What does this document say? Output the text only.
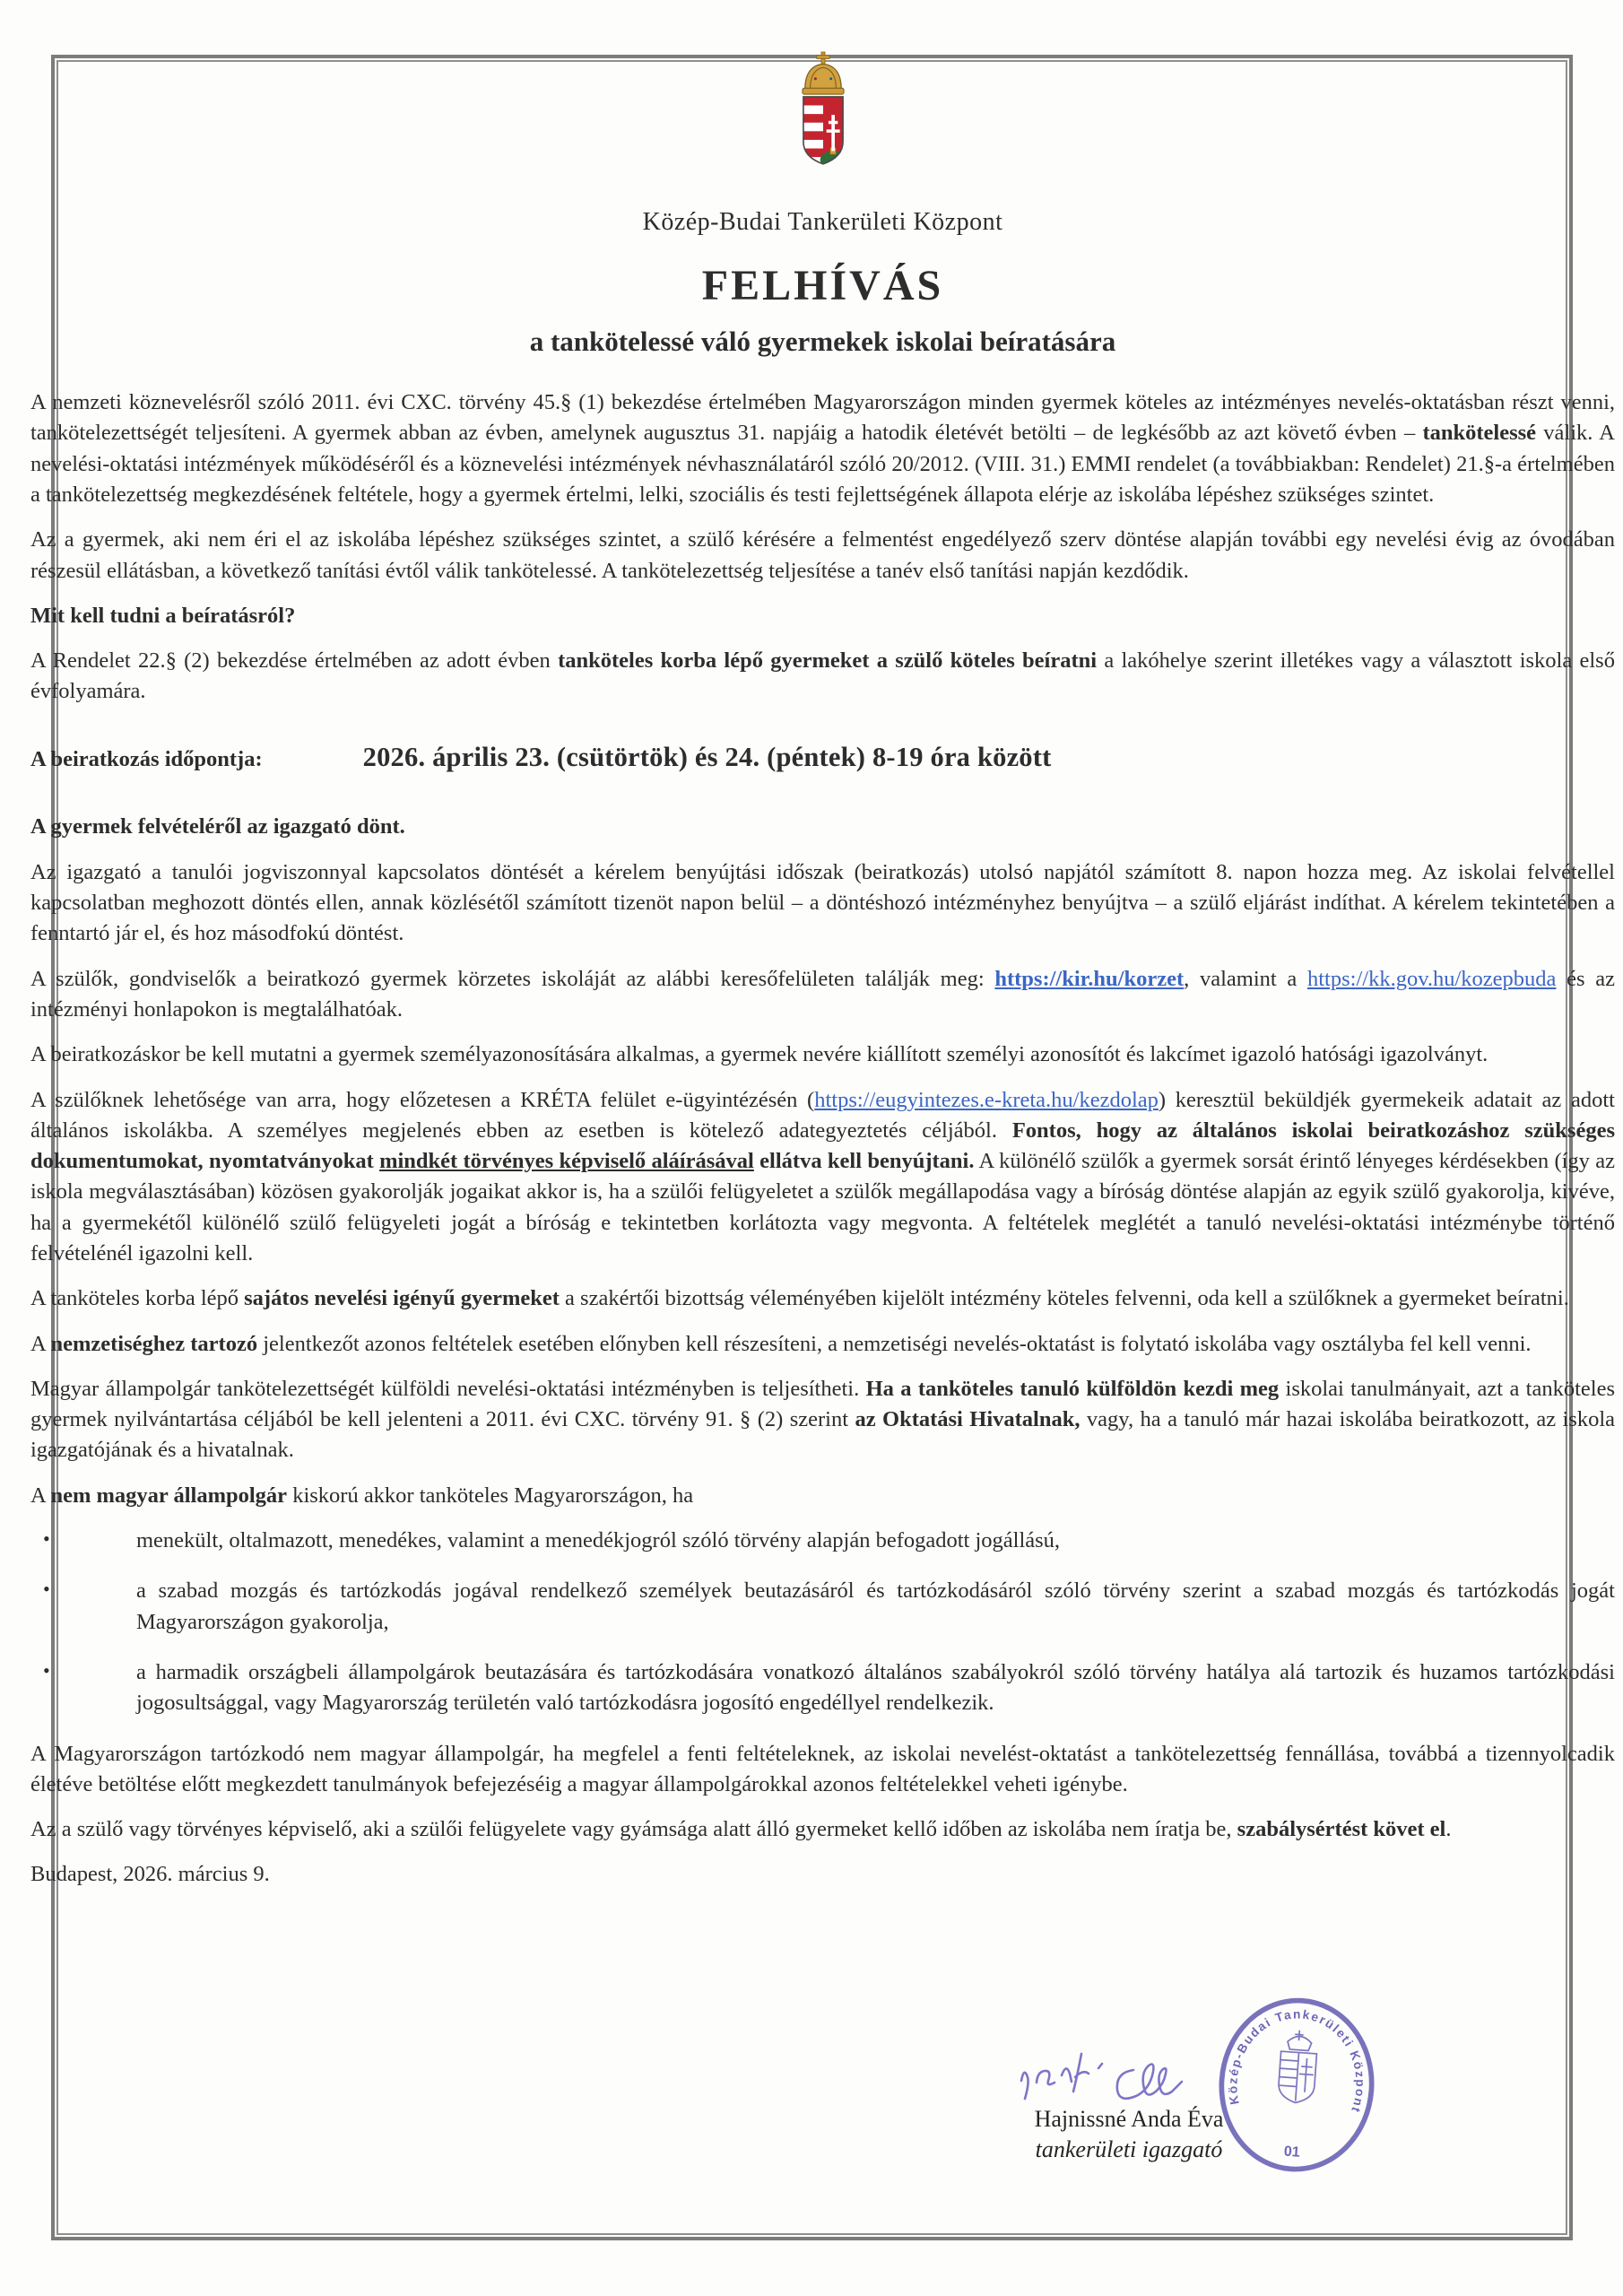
Közép-Budai Tankerületi Központ
FELHÍVÁS
a tankötelessé váló gyermekek iskolai beíratására
A nemzeti köznevelésről szóló 2011. évi CXC. törvény 45.§ (1) bekezdése értelmében Magyarországon minden gyermek köteles az intézményes nevelés-oktatásban részt venni, tankötelezettségét teljesíteni. A gyermek abban az évben, amelynek augusztus 31. napjáig a hatodik életévét betölti – de legkésőbb az azt követő évben – tankötelessé válik. A nevelési-oktatási intézmények működéséről és a köznevelési intézmények névhasználatáról szóló 20/2012. (VIII. 31.) EMMI rendelet (a továbbiakban: Rendelet) 21.§-a értelmében a tankötelezettség megkezdésének feltétele, hogy a gyermek értelmi, lelki, szociális és testi fejlettségének állapota elérje az iskolába lépéshez szükséges szintet.
Az a gyermek, aki nem éri el az iskolába lépéshez szükséges szintet, a szülő kérésére a felmentést engedélyező szerv döntése alapján további egy nevelési évig az óvodában részesül ellátásban, a következő tanítási évtől válik tankötelessé. A tankötelezettség teljesítése a tanév első tanítási napján kezdődik.
Mit kell tudni a beíratásról?
A Rendelet 22.§ (2) bekezdése értelmében az adott évben tanköteles korba lépő gyermeket a szülő köteles beíratni a lakóhelye szerint illetékes vagy a választott iskola első évfolyamára.
A beiratkozás időpontja:	2026. április 23. (csütörtök) és 24. (péntek) 8-19 óra között
A gyermek felvételéről az igazgató dönt.
Az igazgató a tanulói jogviszonnyal kapcsolatos döntését a kérelem benyújtási időszak (beiratkozás) utolsó napjától számított 8. napon hozza meg. Az iskolai felvétellel kapcsolatban meghozott döntés ellen, annak közlésétől számított tizenöt napon belül – a döntéshozó intézményhez benyújtva – a szülő eljárást indíthat. A kérelem tekintetében a fenntartó jár el, és hoz másodfokú döntést.
A szülők, gondviselők a beiratkozó gyermek körzetes iskoláját az alábbi keresőfelületen találják meg: https://kir.hu/korzet, valamint a https://kk.gov.hu/kozepbuda és az intézményi honlapokon is megtalálhatóak.
A beiratkozáskor be kell mutatni a gyermek személyazonosítására alkalmas, a gyermek nevére kiállított személyi azonosítót és lakcímet igazoló hatósági igazolványt.
A szülőknek lehetősége van arra, hogy előzetesen a KRÉTA felület e-ügyintézésén (https://eugyintezes.e-kreta.hu/kezdolap) keresztül beküldjék gyermekeik adatait az adott általános iskolákba. A személyes megjelenés ebben az esetben is kötelező adategyeztetés céljából. Fontos, hogy az általános iskolai beiratkozáshoz szükséges dokumentumokat, nyomtatványokat mindkét törvényes képviselő aláírásával ellátva kell benyújtani. A különélő szülők a gyermek sorsát érintő lényeges kérdésekben (így az iskola megválasztásában) közösen gyakorolják jogaikat akkor is, ha a szülői felügyeletet a szülők megállapodása vagy a bíróság döntése alapján az egyik szülő gyakorolja, kivéve, ha a gyermekétől különélő szülő felügyeleti jogát a bíróság e tekintetben korlátozta vagy megvonta. A feltételek meglétét a tanuló nevelési-oktatási intézménybe történő felvételénél igazolni kell.
A tanköteles korba lépő sajátos nevelési igényű gyermeket a szakértői bizottság véleményében kijelölt intézmény köteles felvenni, oda kell a szülőknek a gyermeket beíratni.
A nemzetiséghez tartozó jelentkezőt azonos feltételek esetében előnyben kell részesíteni, a nemzetiségi nevelés-oktatást is folytató iskolába vagy osztályba fel kell venni.
Magyar állampolgár tankötelezettségét külföldi nevelési-oktatási intézményben is teljesítheti. Ha a tanköteles tanuló külföldön kezdi meg iskolai tanulmányait, azt a tanköteles gyermek nyilvántartása céljából be kell jelenteni a 2011. évi CXC. törvény 91. § (2) szerint az Oktatási Hivatalnak, vagy, ha a tanuló már hazai iskolába beiratkozott, az iskola igazgatójának és a hivatalnak.
A nem magyar állampolgár kiskorú akkor tanköteles Magyarországon, ha
•	menekült, oltalmazott, menedékes, valamint a menedékjogról szóló törvény alapján befogadott jogállású,
•	a szabad mozgás és tartózkodás jogával rendelkező személyek beutazásáról és tartózkodásáról szóló törvény szerint a szabad mozgás és tartózkodás jogát Magyarországon gyakorolja,
•	a harmadik országbeli állampolgárok beutazására és tartózkodására vonatkozó általános szabályokról szóló törvény hatálya alá tartozik és huzamos tartózkodási jogosultsággal, vagy Magyarország területén való tartózkodásra jogosító engedéllyel rendelkezik.
A Magyarországon tartózkodó nem magyar állampolgár, ha megfelel a fenti feltételeknek, az iskolai nevelést-oktatást a tankötelezettség fennállása, továbbá a tizennyolcadik életéve betöltése előtt megkezdett tanulmányok befejezéséig a magyar állampolgárokkal azonos feltételekkel veheti igénybe.
Az a szülő vagy törvényes képviselő, aki a szülői felügyelete vagy gyámsága alatt álló gyermeket kellő időben az iskolába nem íratja be, szabálysértést követ el.
Budapest, 2026. március 9.
Hajnissné Anda Éva
tankerületi igazgató
Közép-Budai Tankerületi Központ
01
